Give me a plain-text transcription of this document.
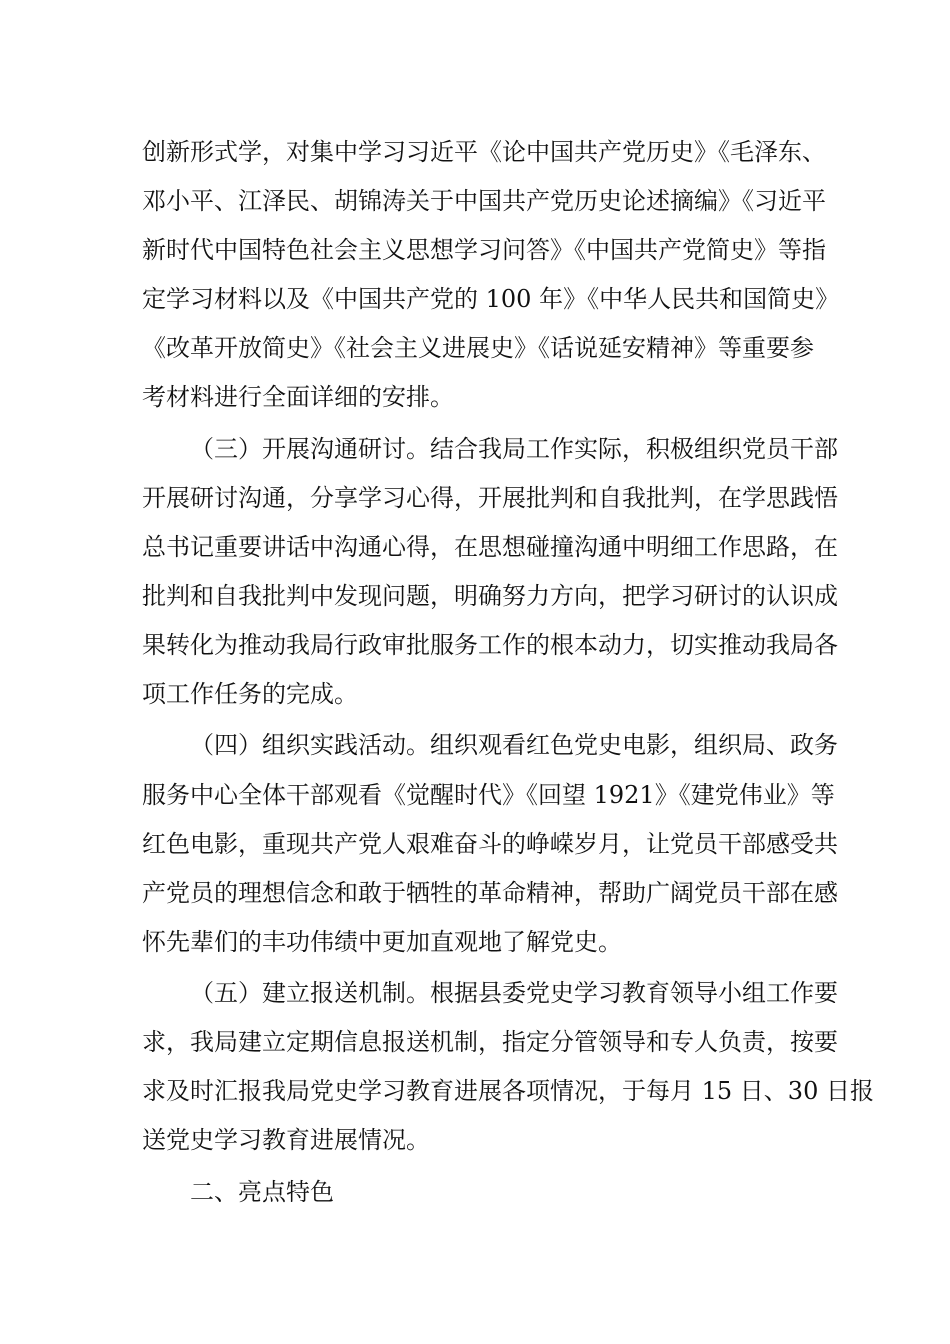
创新形式学，对集中学习习近平《论中国共产党历史》《毛泽东、
邓小平、江泽民、胡锦涛关于中国共产党历史论述摘编》《习近平
新时代中国特色社会主义思想学习问答》《中国共产党简史》等指
定学习材料以及《中国共产党的 100 年》《中华人民共和国简史》
《改革开放简史》《社会主义进展史》《话说延安精神》等重要参
考材料进行全面详细的安排。
（三）开展沟通研讨。结合我局工作实际，积极组织党员干部
开展研讨沟通，分享学习心得，开展批判和自我批判，在学思践悟
总书记重要讲话中沟通心得，在思想碰撞沟通中明细工作思路，在
批判和自我批判中发现问题，明确努力方向，把学习研讨的认识成
果转化为推动我局行政审批服务工作的根本动力，切实推动我局各
项工作任务的完成。
（四）组织实践活动。组织观看红色党史电影，组织局、政务
服务中心全体干部观看《觉醒时代》《回望 1921》《建党伟业》等
红色电影，重现共产党人艰难奋斗的峥嵘岁月，让党员干部感受共
产党员的理想信念和敢于牺牲的革命精神，帮助广阔党员干部在感
怀先辈们的丰功伟绩中更加直观地了解党史。
（五）建立报送机制。根据县委党史学习教育领导小组工作要
求，我局建立定期信息报送机制，指定分管领导和专人负责，按要
求及时汇报我局党史学习教育进展各项情况，于每月 15 日、30 日报
送党史学习教育进展情况。
二、亮点特色
